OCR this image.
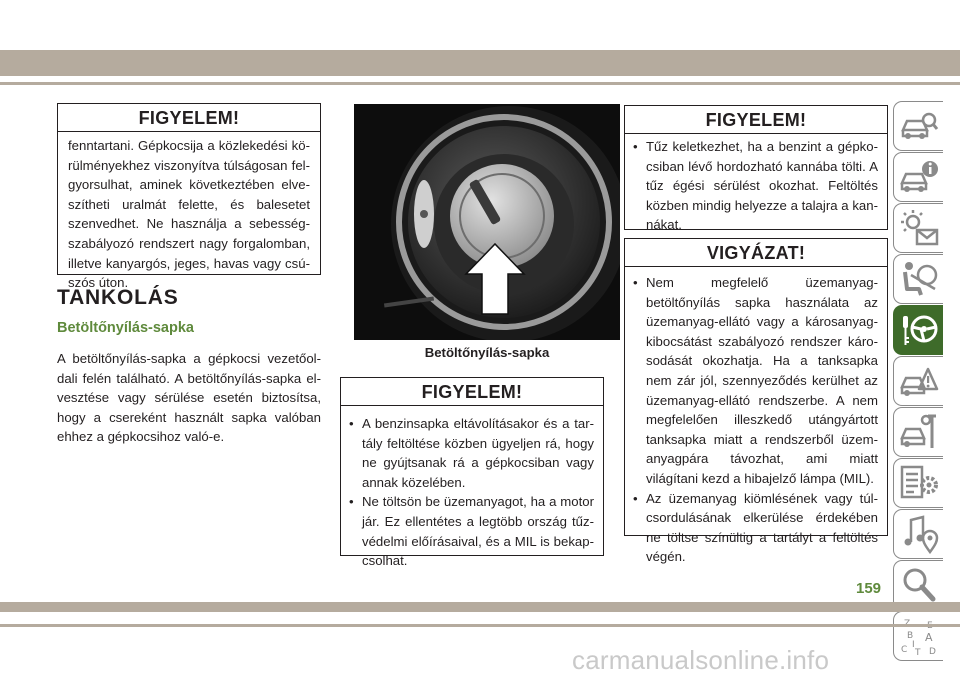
FIGYELEM!

fenntartani. Gépkocsija a közlekedési körülményekhez viszonyítva túlságosan felgyorsulhat, aminek következtében elveszítheti uralmát felette, és balesetet szenvedhet. Ne használja a sebességszabályozó rendszert nagy forgalomban, illetve kanyargós, jeges, havas vagy csúszós úton.

TANKOLÁS
Betöltőnyílás-sapka

A betöltőnyílás-sapka a gépkocsi vezetőoldali felén található. A betöltőnyílás-sapka elvesztése vagy sérülése esetén biztosítsa, hogy a csereként használt sapka valóban ehhez a gépkocsihoz való-e.

Betöltőnyílás-sapka
FIGYELEM!
• A benzinsapka eltávolításakor és a tartály feltöltése közben ügyeljen rá, hogy ne gyújtsanak rá a gépkocsiban vagy annak közelében.
• Ne töltsön be üzemanyagot, ha a motor jár. Ez ellentétes a legtöbb ország tűzvédelmi előírásaival, és a MIL is bekapcsolhat.
FIGYELEM!
• Tűz keletkezhet, ha a benzint a gépkocsiban lévő hordozható kannába tölti. A tűz égési sérülést okozhat. Feltöltés közben mindig helyezze a talajra a kannákat.
VIGYÁZAT!
• Nem megfelelő üzemanyag-betöltőnyílás sapka használata az üzemanyag-ellátó vagy a károsanyag-kibocsátást szabályozó rendszer károsodását okozhatja. Ha a tanksapka nem zár jól, szennyeződés kerülhet az üzemanyag-ellátó rendszerbe. A nem megfelelően illeszkedő utángyártott tanksapka miatt a rendszerből üzemanyagpára távozhat, ami miatt világítani kezd a hibajelző lámpa (MIL).
• Az üzemanyag kiömlésének vagy túlcsordulásának elkerülése érdekében ne töltse színültig a tartályt a feltöltés végén.
B A
I
C T D
159
carmanualsonline.info
